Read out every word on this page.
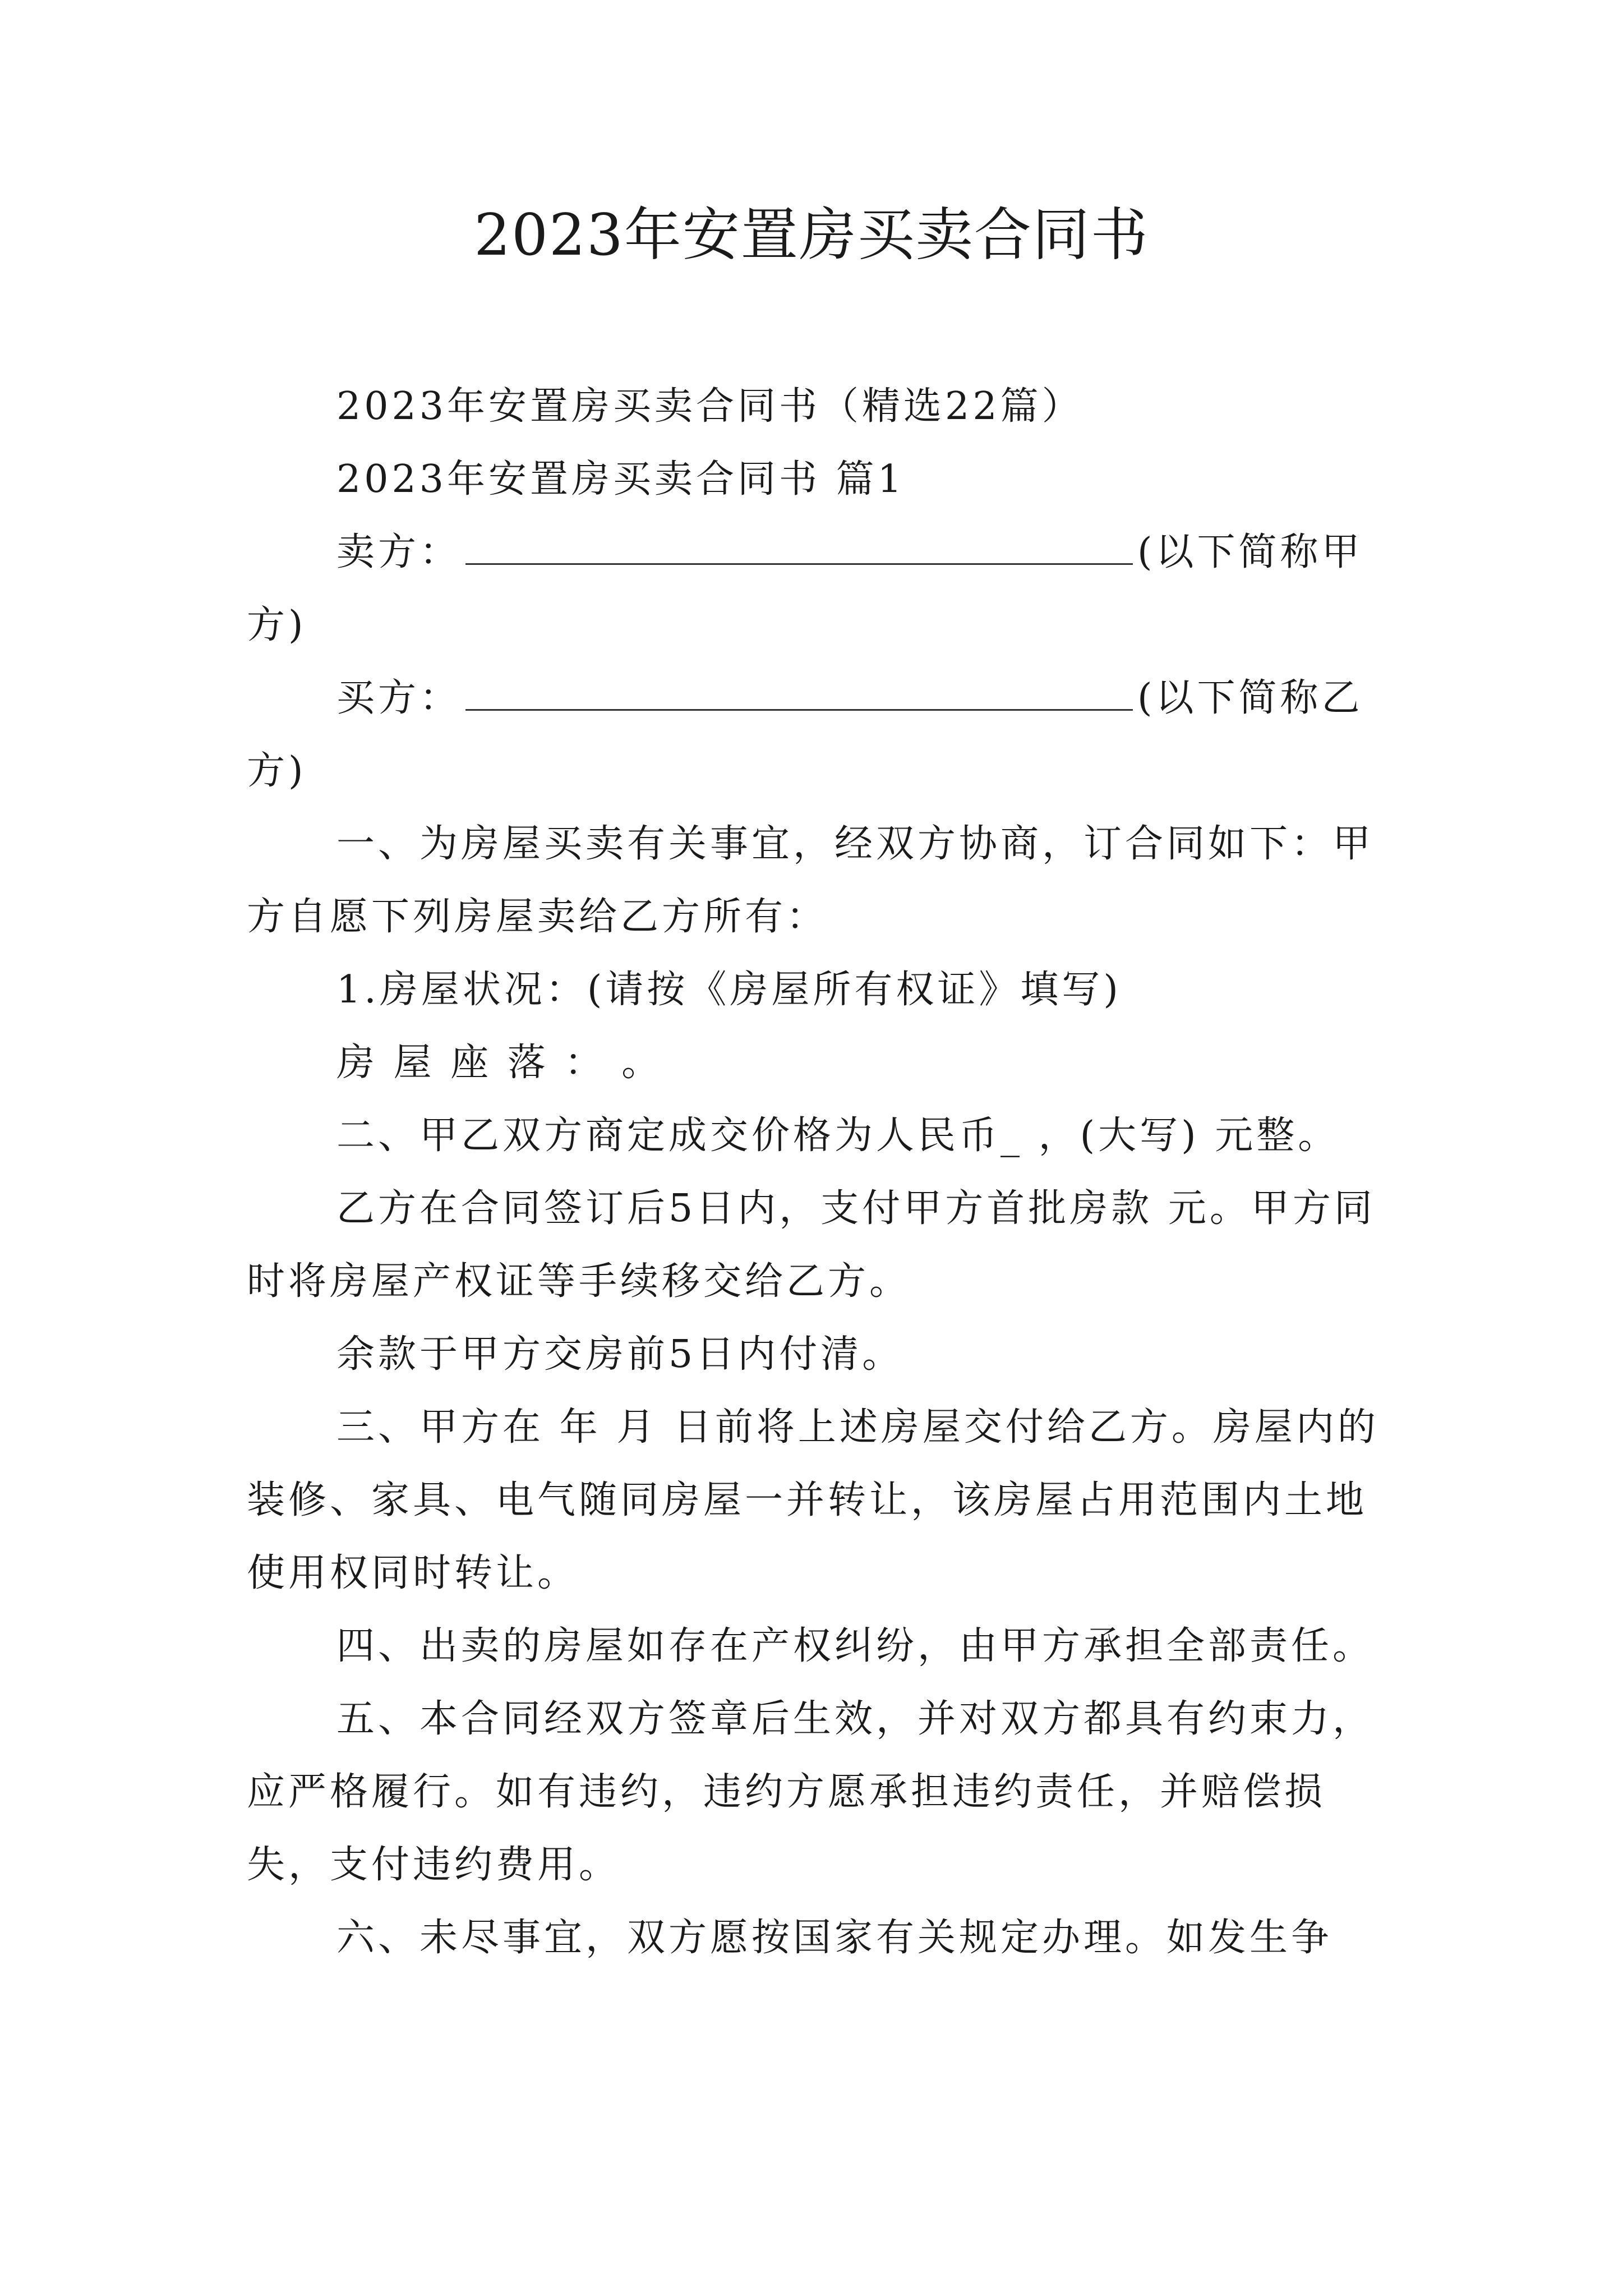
2023年安置房买卖合同书

2023年安置房买卖合同书（精选22篇）

2023年安置房买卖合同书 篇1

卖方：	(以下简称甲方)

买方：	(以下简称乙方)

一、为房屋买卖有关事宜，经双方协商，订合同如下：甲方自愿下列房屋卖给乙方所有：

1.房屋状况：(请按《房屋所有权证》填写)

房 屋 座 落 ： 。

二、甲乙双方商定成交价格为人民币_ ，(大写) 元整。

乙方在合同签订后5日内，支付甲方首批房款 元。甲方同时将房屋产权证等手续移交给乙方。

余款于甲方交房前5日内付清。

三、甲方在 年 月 日前将上述房屋交付给乙方。房屋内的装修、家具、电气随同房屋一并转让，该房屋占用范围内土地使用权同时转让。

四、出卖的房屋如存在产权纠纷，由甲方承担全部责任。

五、本合同经双方签章后生效，并对双方都具有约束力，应严格履行。如有违约，违约方愿承担违约责任，并赔偿损失，支付违约费用。

六、未尽事宜，双方愿按国家有关规定办理。如发生争
